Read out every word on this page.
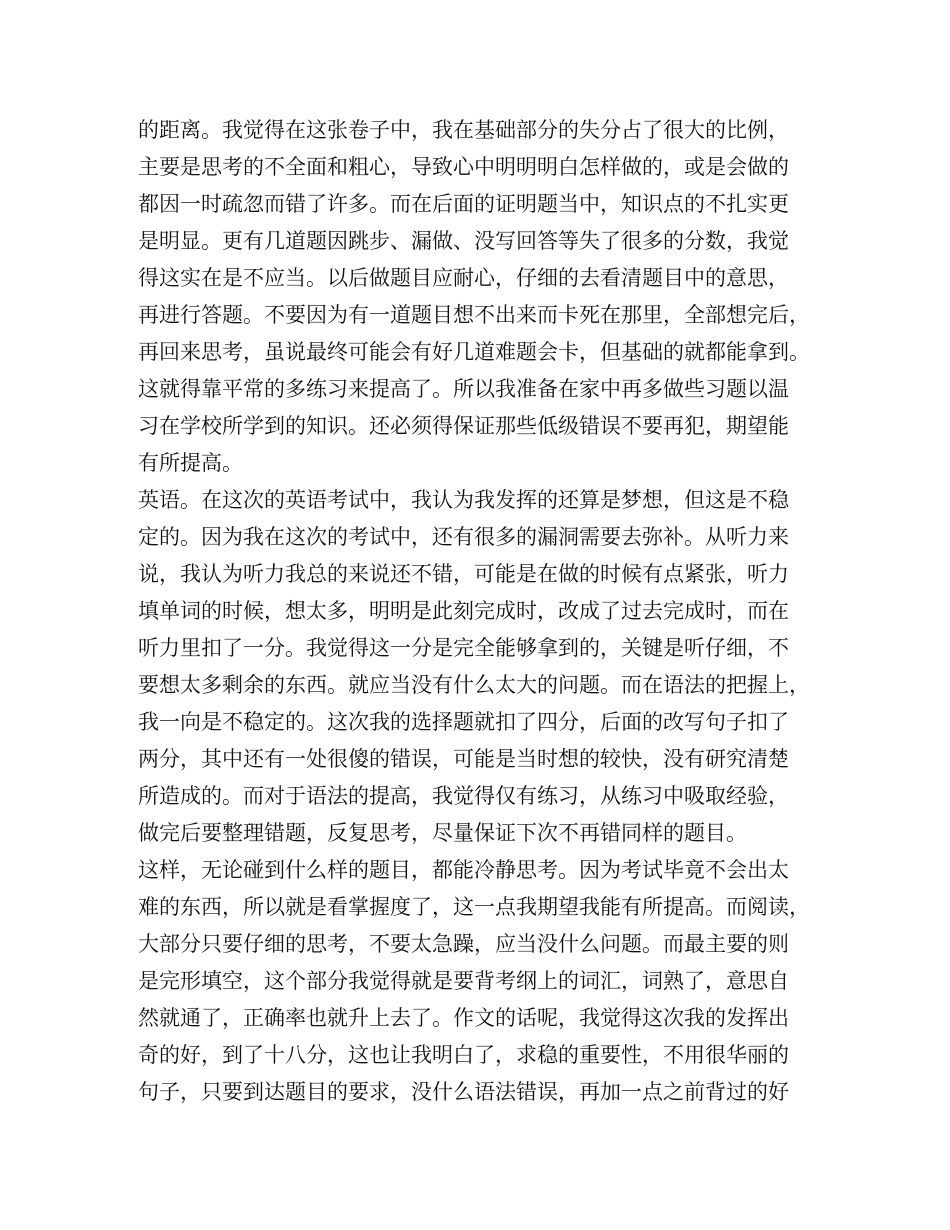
的距离。我觉得在这张卷子中，我在基础部分的失分占了很大的比例，
主要是思考的不全面和粗心，导致心中明明明白怎样做的，或是会做的
都因一时疏忽而错了许多。而在后面的证明题当中，知识点的不扎实更
是明显。更有几道题因跳步、漏做、没写回答等失了很多的分数，我觉
得这实在是不应当。以后做题目应耐心，仔细的去看清题目中的意思，
再进行答题。不要因为有一道题目想不出来而卡死在那里，全部想完后，
再回来思考，虽说最终可能会有好几道难题会卡，但基础的就都能拿到。
这就得靠平常的多练习来提高了。所以我准备在家中再多做些习题以温
习在学校所学到的知识。还必须得保证那些低级错误不要再犯，期望能
有所提高。
英语。在这次的英语考试中，我认为我发挥的还算是梦想，但这是不稳
定的。因为我在这次的考试中，还有很多的漏洞需要去弥补。从听力来
说，我认为听力我总的来说还不错，可能是在做的时候有点紧张，听力
填单词的时候，想太多，明明是此刻完成时，改成了过去完成时，而在
听力里扣了一分。我觉得这一分是完全能够拿到的，关键是听仔细，不
要想太多剩余的东西。就应当没有什么太大的问题。而在语法的把握上，
我一向是不稳定的。这次我的选择题就扣了四分，后面的改写句子扣了
两分，其中还有一处很傻的错误，可能是当时想的较快，没有研究清楚
所造成的。而对于语法的提高，我觉得仅有练习，从练习中吸取经验，
做完后要整理错题，反复思考，尽量保证下次不再错同样的题目。
这样，无论碰到什么样的题目，都能冷静思考。因为考试毕竟不会出太
难的东西，所以就是看掌握度了，这一点我期望我能有所提高。而阅读，
大部分只要仔细的思考，不要太急躁，应当没什么问题。而最主要的则
是完形填空，这个部分我觉得就是要背考纲上的词汇，词熟了，意思自
然就通了，正确率也就升上去了。作文的话呢，我觉得这次我的发挥出
奇的好，到了十八分，这也让我明白了，求稳的重要性，不用很华丽的
句子，只要到达题目的要求，没什么语法错误，再加一点之前背过的好
